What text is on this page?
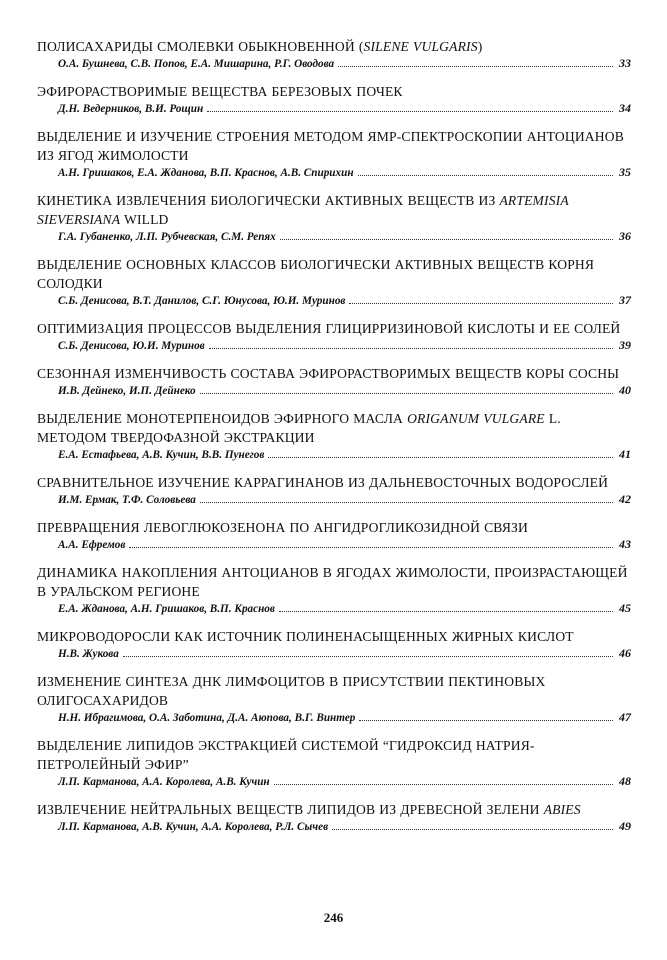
ПОЛИСАХАРИДЫ СМОЛЕВКИ ОБЫКНОВЕННОЙ (SILENE VULGARIS)
О.А. Бушнева, С.В. Попов, Е.А. Мишарина, Р.Г. Оводова	33
ЭФИРОРАСТВОРИМЫЕ ВЕЩЕСТВА БЕРЕЗОВЫХ ПОЧЕК
Д.Н. Ведерников, В.И. Рощин	34
ВЫДЕЛЕНИЕ И ИЗУЧЕНИЕ СТРОЕНИЯ МЕТОДОМ ЯМР-СПЕКТРОСКОПИИ АНТОЦИАНОВ ИЗ ЯГОД ЖИМОЛОСТИ
А.Н. Гришаков, Е.А. Жданова, В.П. Краснов, А.В. Спирихин	35
КИНЕТИКА ИЗВЛЕЧЕНИЯ БИОЛОГИЧЕСКИ АКТИВНЫХ ВЕЩЕСТВ ИЗ ARTEMISIA SIEVERSIANA WILLD
Г.А. Губаненко, Л.П. Рубчевская, С.М. Репях	36
ВЫДЕЛЕНИЕ ОСНОВНЫХ КЛАССОВ БИОЛОГИЧЕСКИ АКТИВНЫХ ВЕЩЕСТВ КОРНЯ СОЛОДКИ
С.Б. Денисова, В.Т. Данилов, С.Г. Юнусова, Ю.И. Муринов	37
ОПТИМИЗАЦИЯ ПРОЦЕССОВ ВЫДЕЛЕНИЯ ГЛИЦИРРИЗИНОВОЙ КИСЛОТЫ И ЕЕ СОЛЕЙ
С.Б. Денисова, Ю.И. Муринов	39
СЕЗОННАЯ ИЗМЕНЧИВОСТЬ СОСТАВА ЭФИРОРАСТВОРИМЫХ ВЕЩЕСТВ КОРЫ СОСНЫ
И.В. Дейнеко, И.П. Дейнеко	40
ВЫДЕЛЕНИЕ МОНОТЕРПЕНОИДОВ ЭФИРНОГО МАСЛА ORIGANUM VULGARE L. МЕТОДОМ ТВЕРДОФАЗНОЙ ЭКСТРАКЦИИ
Е.А. Естафьева, А.В. Кучин, В.В. Пунегов	41
СРАВНИТЕЛЬНОЕ ИЗУЧЕНИЕ КАРРАГИНАНОВ ИЗ ДАЛЬНЕВОСТОЧНЫХ ВОДОРОСЛЕЙ
И.М. Ермак, Т.Ф. Соловьева	42
ПРЕВРАЩЕНИЯ ЛЕВОГЛЮКОЗЕНОНА ПО АНГИДРОГЛИКОЗИДНОЙ СВЯЗИ
А.А. Ефремов	43
ДИНАМИКА НАКОПЛЕНИЯ АНТОЦИАНОВ В ЯГОДАХ ЖИМОЛОСТИ, ПРОИЗРАСТАЮЩЕЙ В УРАЛЬСКОМ РЕГИОНЕ
Е.А. Жданова, А.Н. Гришаков, В.П. Краснов	45
МИКРОВОДОРОСЛИ КАК ИСТОЧНИК ПОЛИНЕНАСЫЩЕННЫХ ЖИРНЫХ КИСЛОТ
Н.В. Жукова	46
ИЗМЕНЕНИЕ СИНТЕЗА ДНК ЛИМФОЦИТОВ В ПРИСУТСТВИИ ПЕКТИНОВЫХ ОЛИГОСАХАРИДОВ
Н.Н. Ибрагимова, О.А. Заботина, Д.А. Аюпова, В.Г. Винтер	47
ВЫДЕЛЕНИЕ ЛИПИДОВ ЭКСТРАКЦИЕЙ СИСТЕМОЙ “ГИДРОКСИД НАТРИЯ-ПЕТРОЛЕЙНЫЙ ЭФИР”
Л.П. Карманова, А.А. Королева, А.В. Кучин	48
ИЗВЛЕЧЕНИЕ НЕЙТРАЛЬНЫХ ВЕЩЕСТВ ЛИПИДОВ ИЗ ДРЕВЕСНОЙ ЗЕЛЕНИ ABIES
Л.П. Карманова, А.В. Кучин, А.А. Королева, Р.Л. Сычев	49
246
